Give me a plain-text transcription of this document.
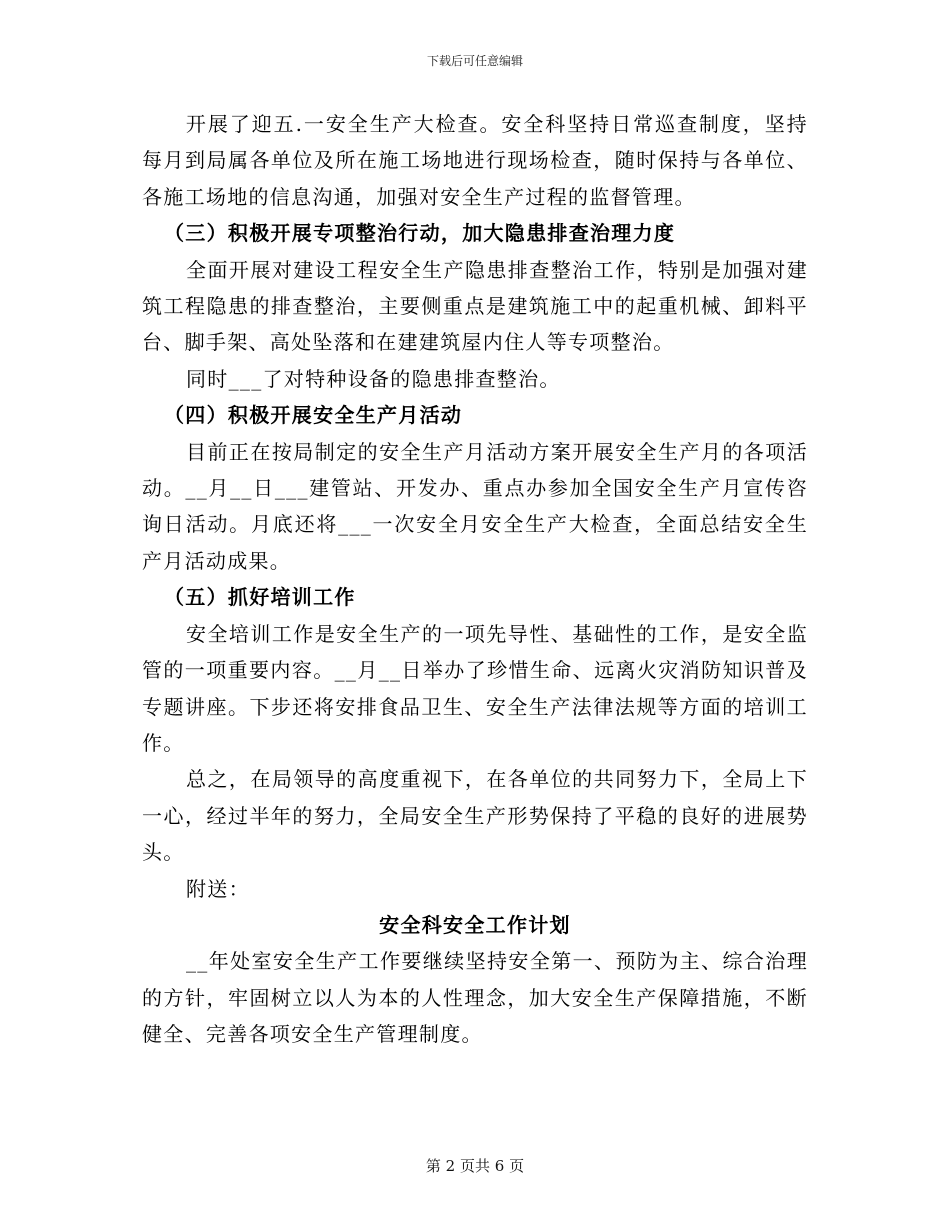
下载后可任意编辑

　　开展了迎五.一安全生产大检查。安全科坚持日常巡查制度，坚持每月到局属各单位及所在施工场地进行现场检查，随时保持与各单位、各施工场地的信息沟通，加强对安全生产过程的监督管理。

（三）积极开展专项整治行动，加大隐患排查治理力度

全面开展对建设工程安全生产隐患排查整治工作，特别是加强对建筑工程隐患的排查整治，主要侧重点是建筑施工中的起重机械、卸料平台、脚手架、高处坠落和在建建筑屋内住人等专项整治。

同时___了对特种设备的隐患排查整治。

（四）积极开展安全生产月活动

目前正在按局制定的安全生产月活动方案开展安全生产月的各项活动。__月__日___建管站、开发办、重点办参加全国安全生产月宣传咨询日活动。月底还将___一次安全月安全生产大检查，全面总结安全生产月活动成果。

（五）抓好培训工作

安全培训工作是安全生产的一项先导性、基础性的工作，是安全监管的一项重要内容。__月__日举办了珍惜生命、远离火灾消防知识普及专题讲座。下步还将安排食品卫生、安全生产法律法规等方面的培训工作。

总之，在局领导的高度重视下，在各单位的共同努力下，全局上下一心，经过半年的努力，全局安全生产形势保持了平稳的良好的进展势头。

附送：

安全科安全工作计划

__年处室安全生产工作要继续坚持安全第一、预防为主、综合治理的方针，牢固树立以人为本的人性理念，加大安全生产保障措施，不断健全、完善各项安全生产管理制度。

第 2 页共 6 页
